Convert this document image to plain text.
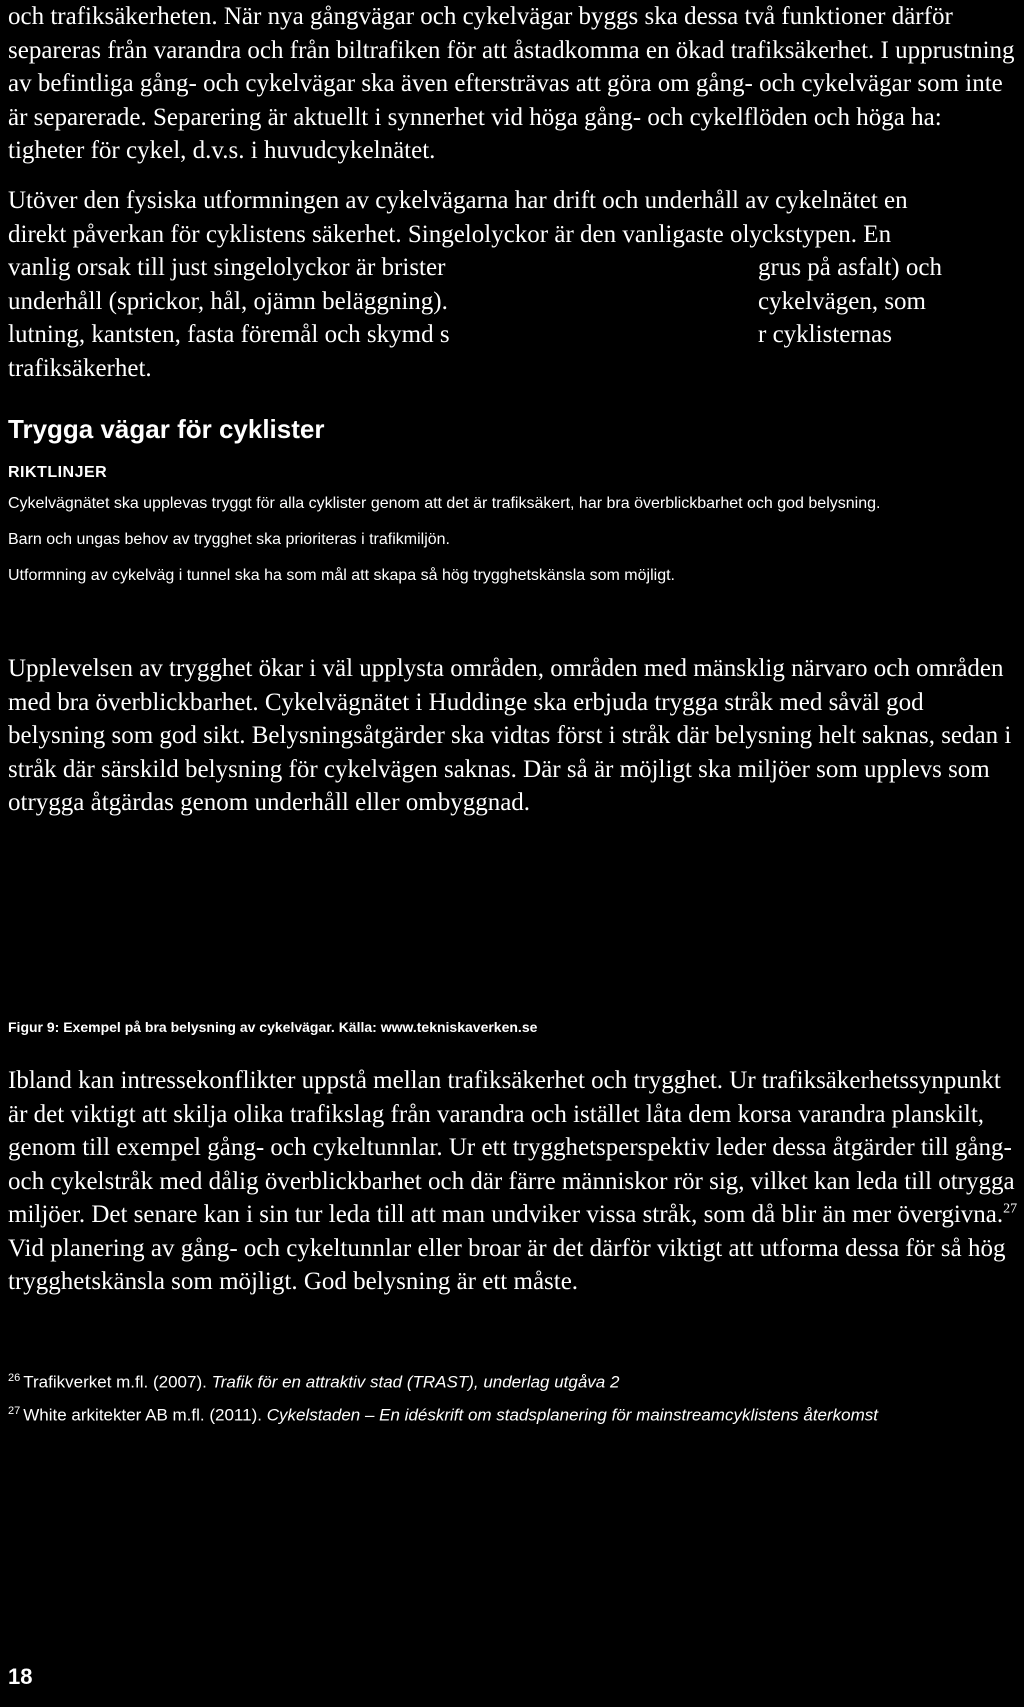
och trafiksäkerheten. När nya gångvägar och cykelvägar byggs ska dessa två funktioner därför separeras från varandra och från biltrafiken för att åstadkomma en ökad trafiksäkerhet. I upprustning av befintliga gång- och cykelvägar ska även eftersträvas att göra om gång- och cykelvägar som inte är separerade. Separering är aktuellt i synnerhet vid höga gång- och cykelflöden och höga ha: tigheter för cykel, d.v.s. i huvudcykelnätet.

Utöver den fysiska utformningen av cykelvägarna har drift och underhåll av cykelnätet en
direkt påverkan för cyklistens säkerhet. Singelolyckor är den vanligaste olyckstypen. En
vanlig orsak till just singelolyckor är brister	grus på asfalt) och
underhåll (sprickor, hål, ojämn beläggning).	cykelvägen, som
lutning, kantsten, fasta föremål och skymd s	r cyklisternas
trafiksäkerhet.
Trygga vägar för cyklister
RIKTLINJER
Cykelvägnätet ska upplevas tryggt för alla cyklister genom att det är trafiksäkert, har bra överblickbarhet och god belysning.
Barn och ungas behov av trygghet ska prioriteras i trafikmiljön.
Utformning av cykelväg i tunnel ska ha som mål att skapa så hög trygghetskänsla som möjligt.

Upplevelsen av trygghet ökar i väl upplysta områden, områden med mänsklig närvaro och områden med bra överblickbarhet. Cykelvägnätet i Huddinge ska erbjuda trygga stråk med såväl god belysning som god sikt. Belysningsåtgärder ska vidtas först i stråk där belysning helt saknas, sedan i stråk där särskild belysning för cykelvägen saknas. Där så är möjligt ska miljöer som upplevs som otrygga åtgärdas genom underhåll eller ombyggnad.

Figur 9: Exempel på bra belysning av cykelvägar. Källa: www.tekniskaverken.se

Ibland kan intressekonflikter uppstå mellan trafiksäkerhet och trygghet. Ur trafiksäkerhetssynpunkt är det viktigt att skilja olika trafikslag från varandra och istället låta dem korsa varandra planskilt, genom till exempel gång- och cykeltunnlar. Ur ett trygghetsperspektiv leder dessa åtgärder till gång- och cykelstråk med dålig överblickbarhet och där färre människor rör sig, vilket kan leda till otrygga miljöer. Det senare kan i sin tur leda till att man undviker vissa stråk, som då blir än mer övergivna.$^{27}$ Vid planering av gång- och cykeltunnlar eller broar är det därför viktigt att utforma dessa för så hög trygghetskänsla som möjligt. God belysning är ett måste.

$^{26}$ Trafikverket m.fl. (2007). Trafik för en attraktiv stad (TRAST), underlag utgåva 2

$^{27}$ White arkitekter AB m.fl. (2011). Cykelstaden – En idéskrift om stadsplanering för mainstreamcyklistens återkomst

18
